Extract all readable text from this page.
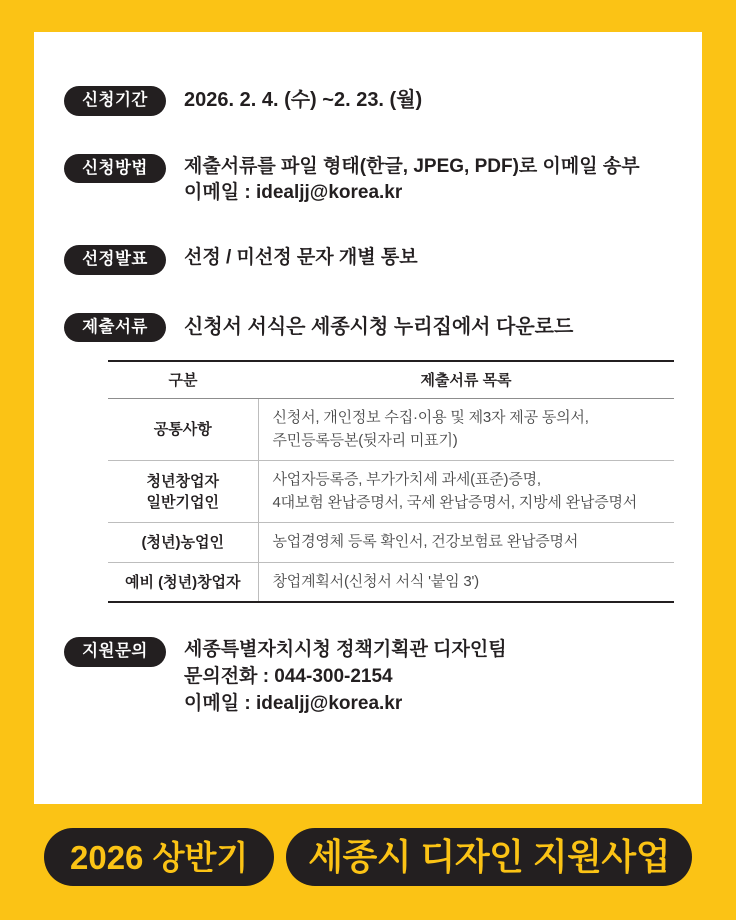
신청기간	2026. 2. 4. (수) ~2. 23. (월)
신청방법	제출서류를 파일 형태(한글, JPEG, PDF)로 이메일 송부
이메일 : idealjj@korea.kr
선정발표	선정 / 미선정 문자 개별 통보
제출서류	신청서 서식은 세종시청 누리집에서 다운로드
구분	제출서류 목록
공통사항	신청서, 개인정보 수집·이용 및 제3자 제공 동의서,
주민등록등본(뒷자리 미표기)

청년창업자
일반기업인	사업자등록증, 부가가치세 과세(표준)증명,
4대보험 완납증명서, 국세 완납증명서, 지방세 완납증명서

(청년)농업인	농업경영체 등록 확인서, 건강보험료 완납증명서

예비 (청년)창업자	창업계획서(신청서 서식 '붙임 3')
지원문의	세종특별자치시청 정책기획관 디자인팀
문의전화 : 044-300-2154
이메일 : idealjj@korea.kr
2026 상반기 세종시 디자인 지원사업
